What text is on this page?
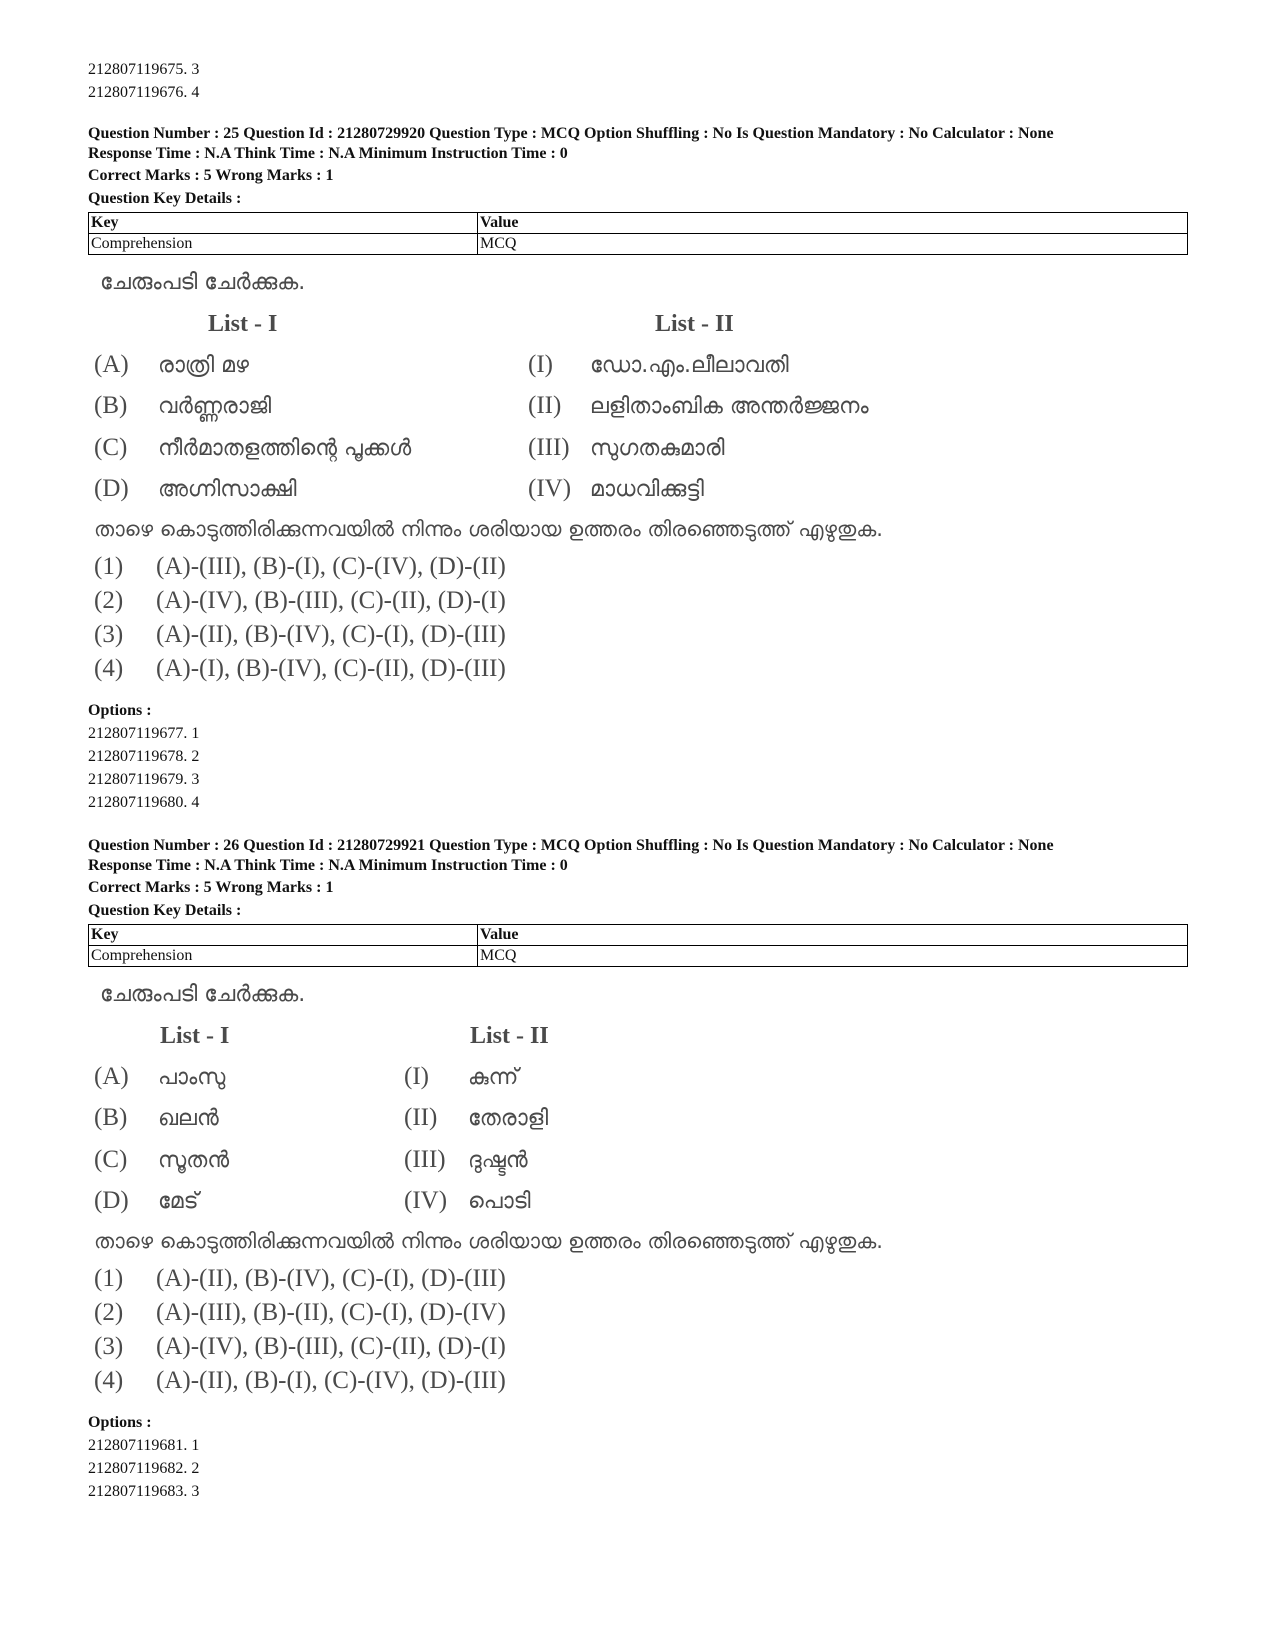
212807119675. 3
212807119676. 4
Question Number : 25 Question Id : 21280729920 Question Type : MCQ Option Shuffling : No Is Question Mandatory : No Calculator : None
Response Time : N.A Think Time : N.A Minimum Instruction Time : 0
Correct Marks : 5 Wrong Marks : 1
Question Key Details :
Key	Value
Comprehension	MCQ
ചേരുംപടി ചേർക്കുക.
List - I	List - II
(A) രാത്രി മഴ	(I) ഡോ.എം.ലീലാവതി
(B) വർണ്ണരാജി	(II) ലളിതാംബിക അന്തർജ്ജനം
(C) നീർമാതളത്തിന്റെ പൂക്കൾ	(III) സുഗതകുമാരി
(D) അഗ്നിസാക്ഷി	(IV) മാധവിക്കുട്ടി
താഴെ കൊടുത്തിരിക്കുന്നവയിൽ നിന്നും ശരിയായ ഉത്തരം തിരഞ്ഞെടുത്ത് എഴുതുക.
(1) (A)-(III), (B)-(I), (C)-(IV), (D)-(II)
(2) (A)-(IV), (B)-(III), (C)-(II), (D)-(I)
(3) (A)-(II), (B)-(IV), (C)-(I), (D)-(III)
(4) (A)-(I), (B)-(IV), (C)-(II), (D)-(III)
Options :
212807119677. 1
212807119678. 2
212807119679. 3
212807119680. 4
Question Number : 26 Question Id : 21280729921 Question Type : MCQ Option Shuffling : No Is Question Mandatory : No Calculator : None
Response Time : N.A Think Time : N.A Minimum Instruction Time : 0
Correct Marks : 5 Wrong Marks : 1
Question Key Details :
Key	Value
Comprehension	MCQ
ചേരുംപടി ചേർക്കുക.
List - I	List - II
(A) പാംസു	(I) കുന്ന്
(B) ഖലൻ	(II) തേരാളി
(C) സൂതൻ	(III) ദുഷ്ടൻ
(D) മേട്	(IV) പൊടി
താഴെ കൊടുത്തിരിക്കുന്നവയിൽ നിന്നും ശരിയായ ഉത്തരം തിരഞ്ഞെടുത്ത് എഴുതുക.
(1) (A)-(II), (B)-(IV), (C)-(I), (D)-(III)
(2) (A)-(III), (B)-(II), (C)-(I), (D)-(IV)
(3) (A)-(IV), (B)-(III), (C)-(II), (D)-(I)
(4) (A)-(II), (B)-(I), (C)-(IV), (D)-(III)
Options :
212807119681. 1
212807119682. 2
212807119683. 3
